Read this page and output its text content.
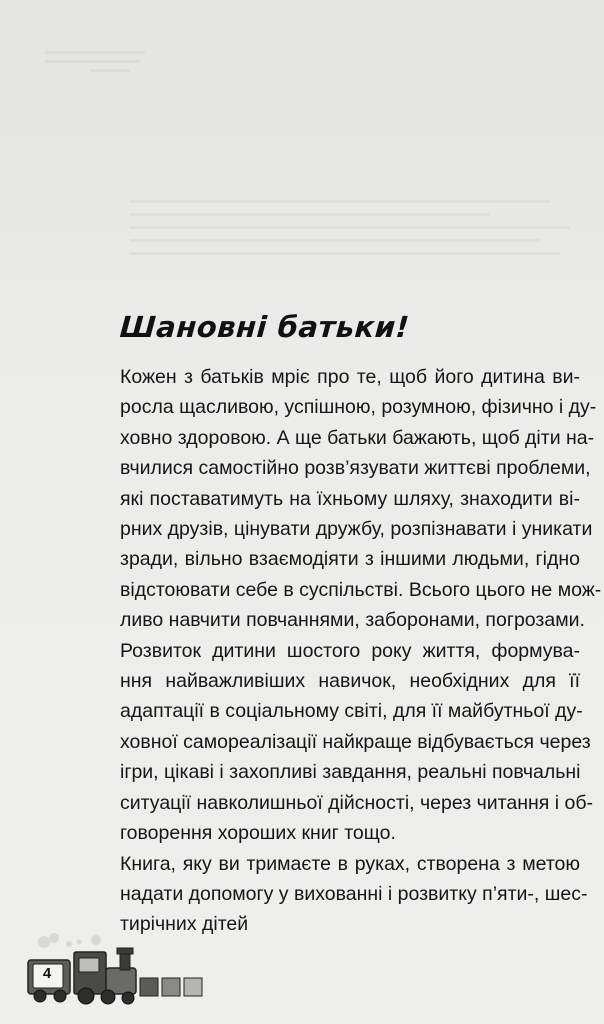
Шановні батьки!

Кожен з батьків мріє про те, щоб його дитина ви-
росла щасливою, успішною, розумною, фізично і ду-
ховно здоровою. А ще батьки бажають, щоб діти на-
вчилися самостійно розв’язувати життєві проблеми,
які поставатимуть на їхньому шляху, знаходити ві-
рних друзів, цінувати дружбу, розпізнавати і уникати
зради, вільно взаємодіяти з іншими людьми, гідно
відстоювати себе в суспільстві. Всього цього не мож-
ливо навчити повчаннями, заборонами, погрозами.

Розвиток дитини шостого року життя, формува-
ння найважливіших навичок, необхідних для її
адаптації в соціальному світі, для її майбутньої ду-
ховної самореалізації найкраще відбувається через
ігри, цікаві і захопливі завдання, реальні повчальні
ситуації навколишньої дійсності, через читання і об-
говорення хороших книг тощо.

Книга, яку ви тримаєте в руках, створена з метою
надати допомогу у вихованні і розвитку п’яти-, шес-
тирічних дітей

4
